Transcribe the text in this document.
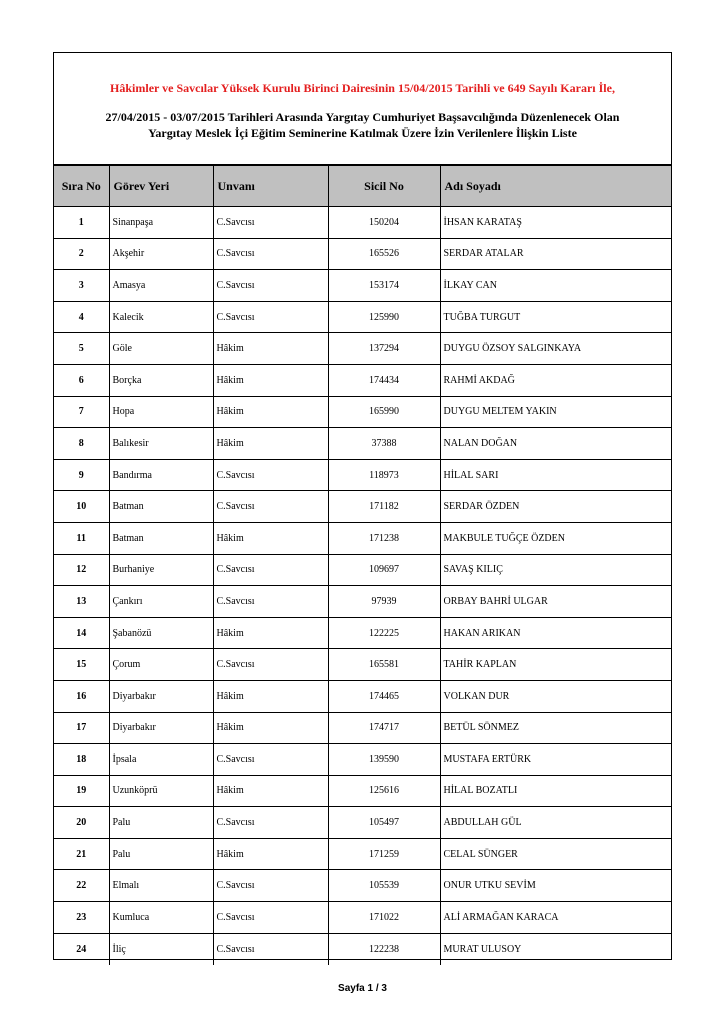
Hâkimler ve Savcılar Yüksek Kurulu Birinci Dairesinin 15/04/2015 Tarihli ve 649 Sayılı Kararı İle,
27/04/2015 - 03/07/2015 Tarihleri Arasında Yargıtay Cumhuriyet Başsavcılığında Düzenlenecek Olan
Yargıtay Meslek İçi Eğitim Seminerine Katılmak Üzere İzin Verilenlere İlişkin Liste
Sıra No	Görev Yeri	Unvanı	Sicil No	Adı Soyadı
1	Sinanpaşa	C.Savcısı	150204	İHSAN KARATAŞ
2	Akşehir	C.Savcısı	165526	SERDAR ATALAR
3	Amasya	C.Savcısı	153174	İLKAY CAN
4	Kalecik	C.Savcısı	125990	TUĞBA TURGUT
5	Göle	Hâkim	137294	DUYGU ÖZSOY SALGINKAYA
6	Borçka	Hâkim	174434	RAHMİ AKDAĞ
7	Hopa	Hâkim	165990	DUYGU MELTEM YAKIN
8	Balıkesir	Hâkim	37388	NALAN DOĞAN
9	Bandırma	C.Savcısı	118973	HİLAL SARI
10	Batman	C.Savcısı	171182	SERDAR ÖZDEN
11	Batman	Hâkim	171238	MAKBULE TUĞÇE ÖZDEN
12	Burhaniye	C.Savcısı	109697	SAVAŞ KILIÇ
13	Çankırı	C.Savcısı	97939	ORBAY BAHRİ ULGAR
14	Şabanözü	Hâkim	122225	HAKAN ARIKAN
15	Çorum	C.Savcısı	165581	TAHİR KAPLAN
16	Diyarbakır	Hâkim	174465	VOLKAN DUR
17	Diyarbakır	Hâkim	174717	BETÜL SÖNMEZ
18	İpsala	C.Savcısı	139590	MUSTAFA ERTÜRK
19	Uzunköprü	Hâkim	125616	HİLAL BOZATLI
20	Palu	C.Savcısı	105497	ABDULLAH GÜL
21	Palu	Hâkim	171259	CELAL SÜNGER
22	Elmalı	C.Savcısı	105539	ONUR UTKU SEVİM
23	Kumluca	C.Savcısı	171022	ALİ ARMAĞAN KARACA
24	İliç	C.Savcısı	122238	MURAT ULUSOY
Sayfa 1 / 3
